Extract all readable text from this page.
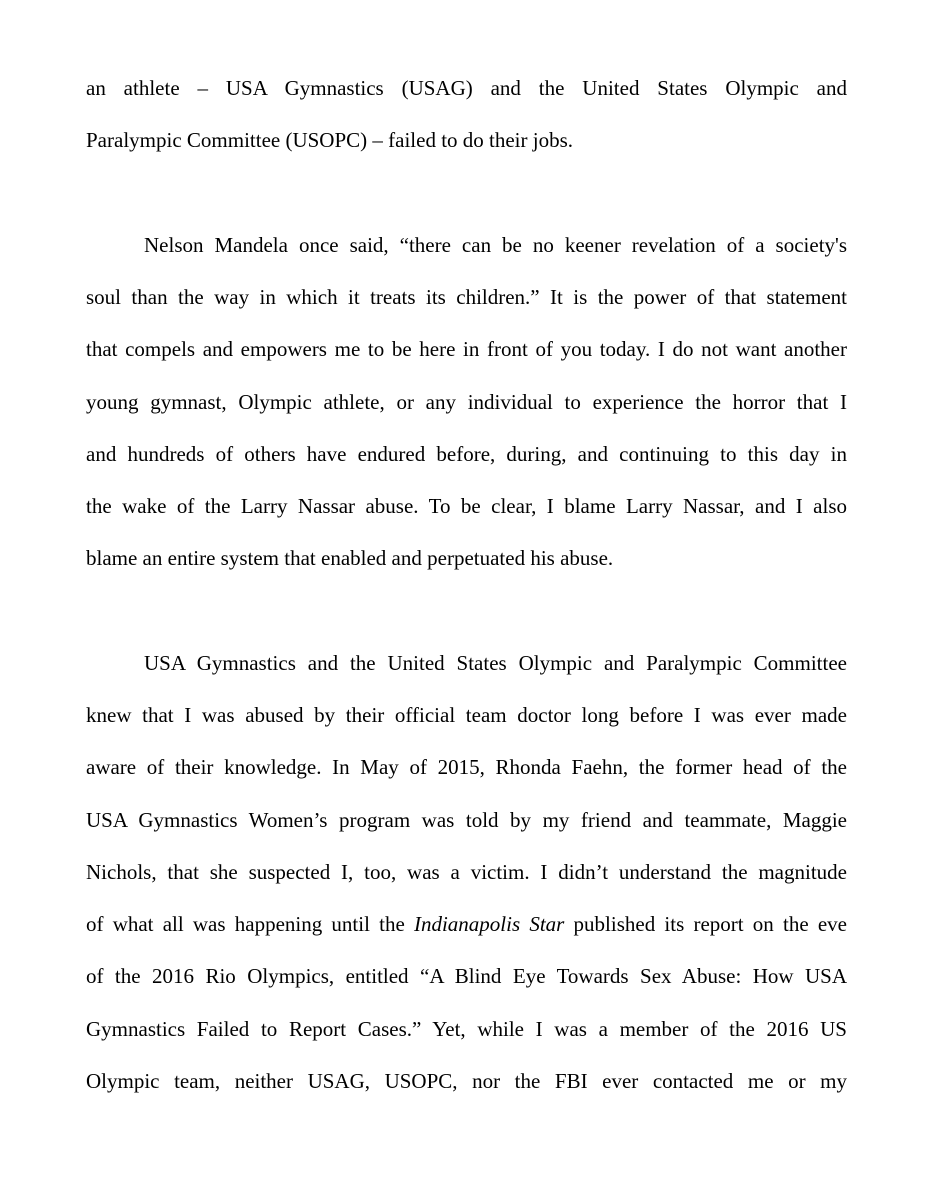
an athlete – USA Gymnastics (USAG) and the United States Olympic and
Paralympic Committee (USOPC) – failed to do their jobs.
Nelson Mandela once said, “there can be no keener revelation of a society's
soul than the way in which it treats its children.” It is the power of that statement
that compels and empowers me to be here in front of you today. I do not want another
young gymnast, Olympic athlete, or any individual to experience the horror that I
and hundreds of others have endured before, during, and continuing to this day in
the wake of the Larry Nassar abuse. To be clear, I blame Larry Nassar, and I also
blame an entire system that enabled and perpetuated his abuse.
USA Gymnastics and the United States Olympic and Paralympic Committee
knew that I was abused by their official team doctor long before I was ever made
aware of their knowledge. In May of 2015, Rhonda Faehn, the former head of the
USA Gymnastics Women’s program was told by my friend and teammate, Maggie
Nichols, that she suspected I, too, was a victim. I didn’t understand the magnitude
of what all was happening until the Indianapolis Star published its report on the eve
of the 2016 Rio Olympics, entitled “A Blind Eye Towards Sex Abuse: How USA
Gymnastics Failed to Report Cases.” Yet, while I was a member of the 2016 US
Olympic team, neither USAG, USOPC, nor the FBI ever contacted me or my
